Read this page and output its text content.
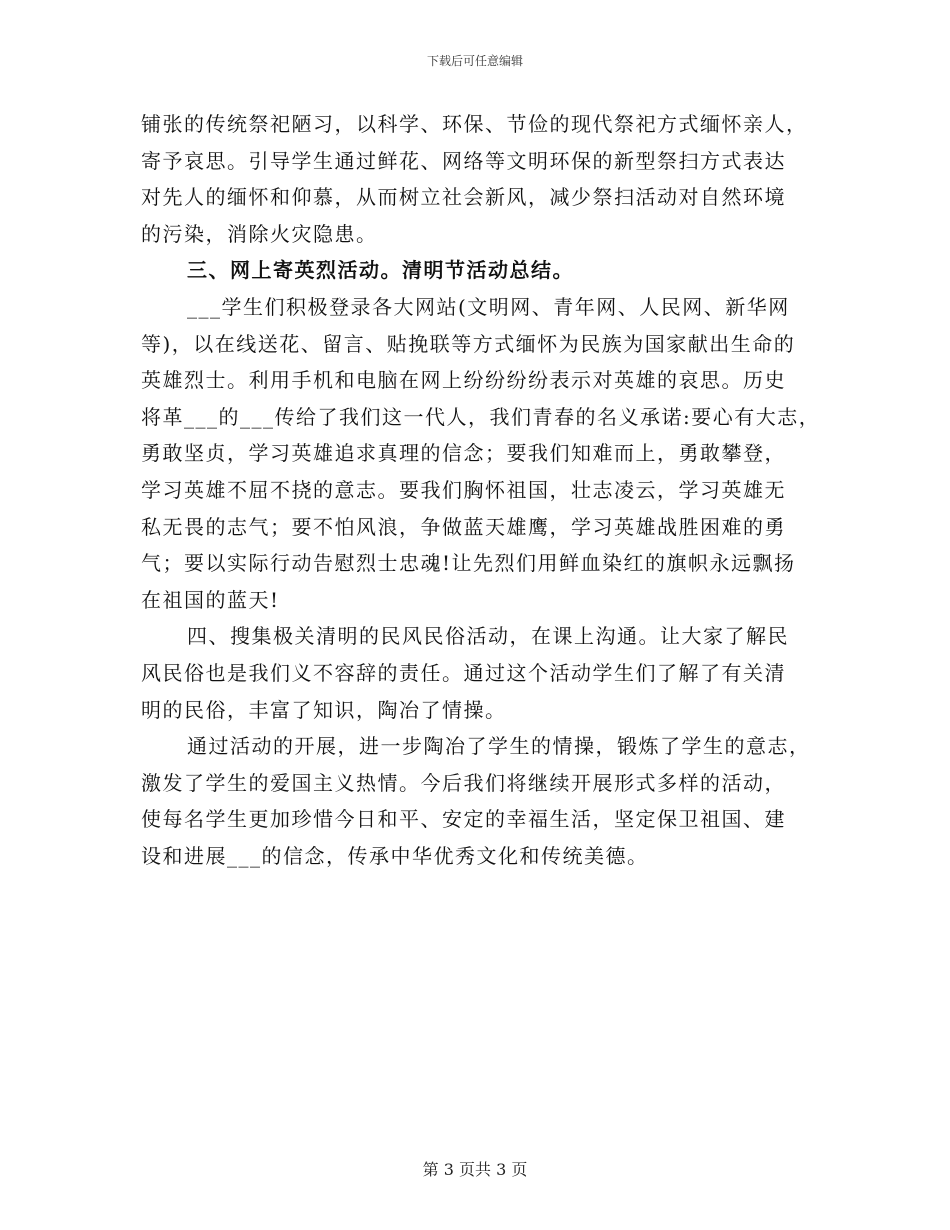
下载后可任意编辑
铺张的传统祭祀陋习，以科学、环保、节俭的现代祭祀方式缅怀亲人，
寄予哀思。引导学生通过鲜花、网络等文明环保的新型祭扫方式表达
对先人的缅怀和仰慕，从而树立社会新风，减少祭扫活动对自然环境
的污染，消除火灾隐患。
三、网上寄英烈活动。清明节活动总结。
___学生们积极登录各大网站(文明网、青年网、人民网、新华网
等)，以在线送花、留言、贴挽联等方式缅怀为民族为国家献出生命的
英雄烈士。利用手机和电脑在网上纷纷纷纷表示对英雄的哀思。历史
将革___的___传给了我们这一代人，我们青春的名义承诺:要心有大志，
勇敢坚贞，学习英雄追求真理的信念；要我们知难而上，勇敢攀登，
学习英雄不屈不挠的意志。要我们胸怀祖国，壮志凌云，学习英雄无
私无畏的志气；要不怕风浪，争做蓝天雄鹰，学习英雄战胜困难的勇
气；要以实际行动告慰烈士忠魂!让先烈们用鲜血染红的旗帜永远飘扬
在祖国的蓝天!
四、搜集极关清明的民风民俗活动，在课上沟通。让大家了解民
风民俗也是我们义不容辞的责任。通过这个活动学生们了解了有关清
明的民俗，丰富了知识，陶冶了情操。
通过活动的开展，进一步陶冶了学生的情操，锻炼了学生的意志，
激发了学生的爱国主义热情。今后我们将继续开展形式多样的活动，
使每名学生更加珍惜今日和平、安定的幸福生活，坚定保卫祖国、建
设和进展___的信念，传承中华优秀文化和传统美德。
第 3 页共 3 页
